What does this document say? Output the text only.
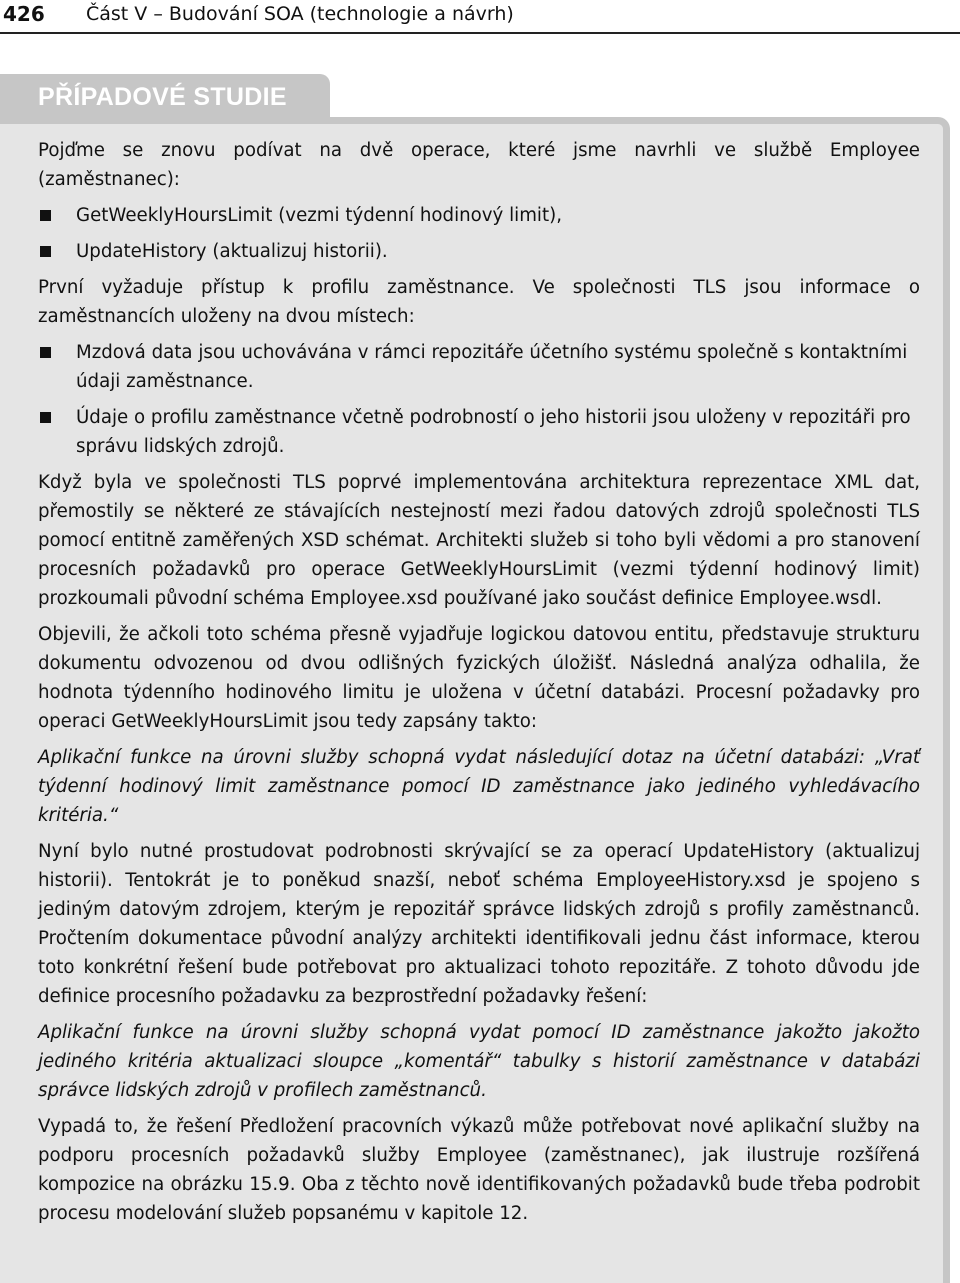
426 Část V – Budování SOA (technologie a návrh)
PŘÍPADOVÉ STUDIE

Pojďme se znovu podívat na dvě operace, které jsme navrhli ve službě Employee (zaměstnanec):

GetWeeklyHoursLimit (vezmi týdenní hodinový limit),
UpdateHistory (aktualizuj historii).

První vyžaduje přístup k profilu zaměstnance. Ve společnosti TLS jsou informace o zaměstnancích uloženy na dvou místech:

Mzdová data jsou uchovávána v rámci repozitáře účetního systému společně s kontaktními údaji zaměstnance.
Údaje o profilu zaměstnance včetně podrobností o jeho historii jsou uloženy v repozitáři pro správu lidských zdrojů.

Když byla ve společnosti TLS poprvé implementována architektura reprezentace XML dat, přemostily se některé ze stávajících nestejností mezi řadou datových zdrojů společnosti TLS pomocí entitně zaměřených XSD schémat. Architekti služeb si toho byli vědomi a pro stanovení procesních požadavků pro operace GetWeeklyHoursLimit (vezmi týdenní hodinový limit) prozkoumali původní schéma Employee.xsd používané jako součást definice Employee.wsdl.

Objevili, že ačkoli toto schéma přesně vyjadřuje logickou datovou entitu, představuje strukturu dokumentu odvozenou od dvou odlišných fyzických úložišť. Následná analýza odhalila, že hodnota týdenního hodinového limitu je uložena v účetní databázi. Procesní požadavky pro operaci GetWeeklyHoursLimit jsou tedy zapsány takto:

Aplikační funkce na úrovni služby schopná vydat následující dotaz na účetní databázi: „Vrať týdenní hodinový limit zaměstnance pomocí ID zaměstnance jako jediného vyhledávacího kritéria.“

Nyní bylo nutné prostudovat podrobnosti skrývající se za operací UpdateHistory (aktualizuj historii). Tentokrát je to poněkud snazší, neboť schéma EmployeeHistory.xsd je spojeno s jediným datovým zdrojem, kterým je repozitář správce lidských zdrojů s profily zaměstnanců. Pročtením dokumentace původní analýzy architekti identifikovali jednu část informace, kterou toto konkrétní řešení bude potřebovat pro aktualizaci tohoto repozitáře. Z tohoto důvodu jde definice procesního požadavku za bezprostřední požadavky řešení:

Aplikační funkce na úrovni služby schopná vydat pomocí ID zaměstnance jakožto jakožto jediného kritéria aktualizaci sloupce „komentář“ tabulky s historií zaměstnance v databázi správce lidských zdrojů v profilech zaměstnanců.

Vypadá to, že řešení Předložení pracovních výkazů může potřebovat nové aplikační služby na podporu procesních požadavků služby Employee (zaměstnanec), jak ilustruje rozšířená kompozice na obrázku 15.9. Oba z těchto nově identifikovaných požadavků bude třeba podrobit procesu modelování služeb popsanému v kapitole 12.
